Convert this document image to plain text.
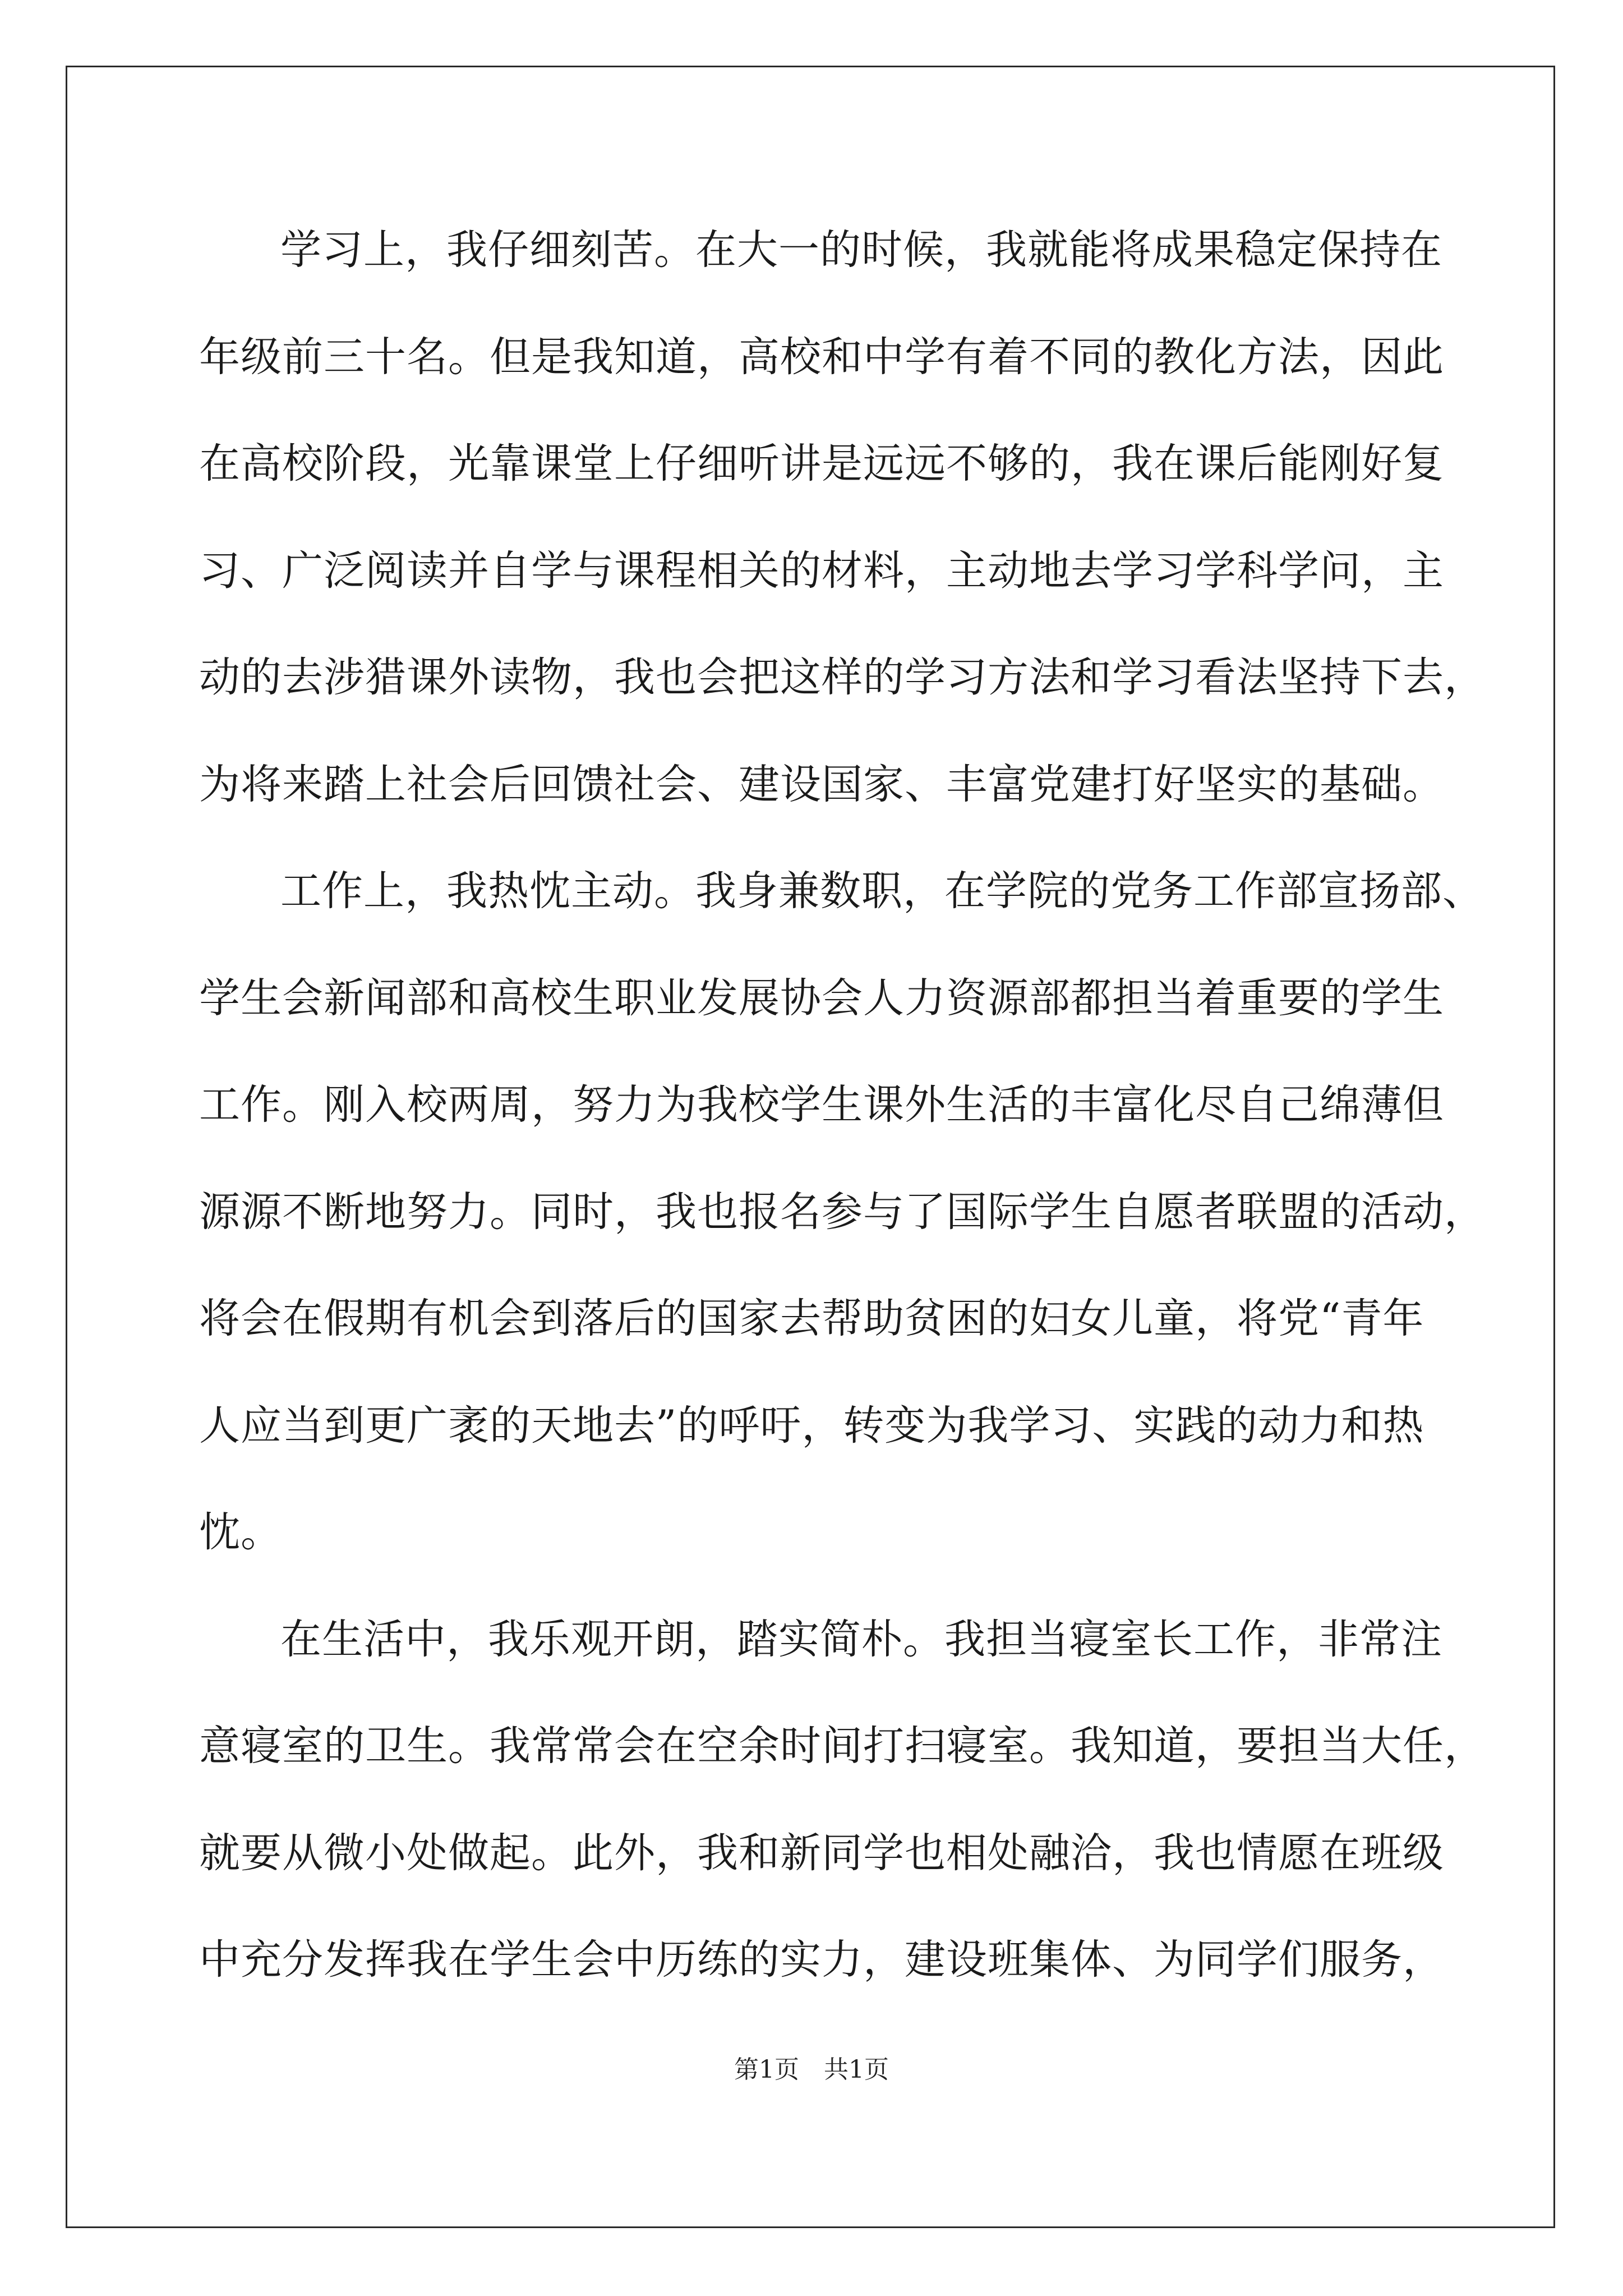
学习上，我仔细刻苦。在大一的时候，我就能将成果稳定保持在
年级前三十名。但是我知道，高校和中学有着不同的教化方法，因此
在高校阶段，光靠课堂上仔细听讲是远远不够的，我在课后能刚好复
习、广泛阅读并自学与课程相关的材料，主动地去学习学科学问，主
动的去涉猎课外读物，我也会把这样的学习方法和学习看法坚持下去，
为将来踏上社会后回馈社会、建设国家、丰富党建打好坚实的基础。
工作上，我热忱主动。我身兼数职，在学院的党务工作部宣扬部、
学生会新闻部和高校生职业发展协会人力资源部都担当着重要的学生
工作。刚入校两周，努力为我校学生课外生活的丰富化尽自己绵薄但
源源不断地努力。同时，我也报名参与了国际学生自愿者联盟的活动，
将会在假期有机会到落后的国家去帮助贫困的妇女儿童，将党“青年
人应当到更广袤的天地去”的呼吁，转变为我学习、实践的动力和热
忱。
在生活中，我乐观开朗，踏实简朴。我担当寝室长工作，非常注
意寝室的卫生。我常常会在空余时间打扫寝室。我知道，要担当大任，
就要从微小处做起。此外，我和新同学也相处融洽，我也情愿在班级
中充分发挥我在学生会中历练的实力，建设班集体、为同学们服务，
第1页　共1页
